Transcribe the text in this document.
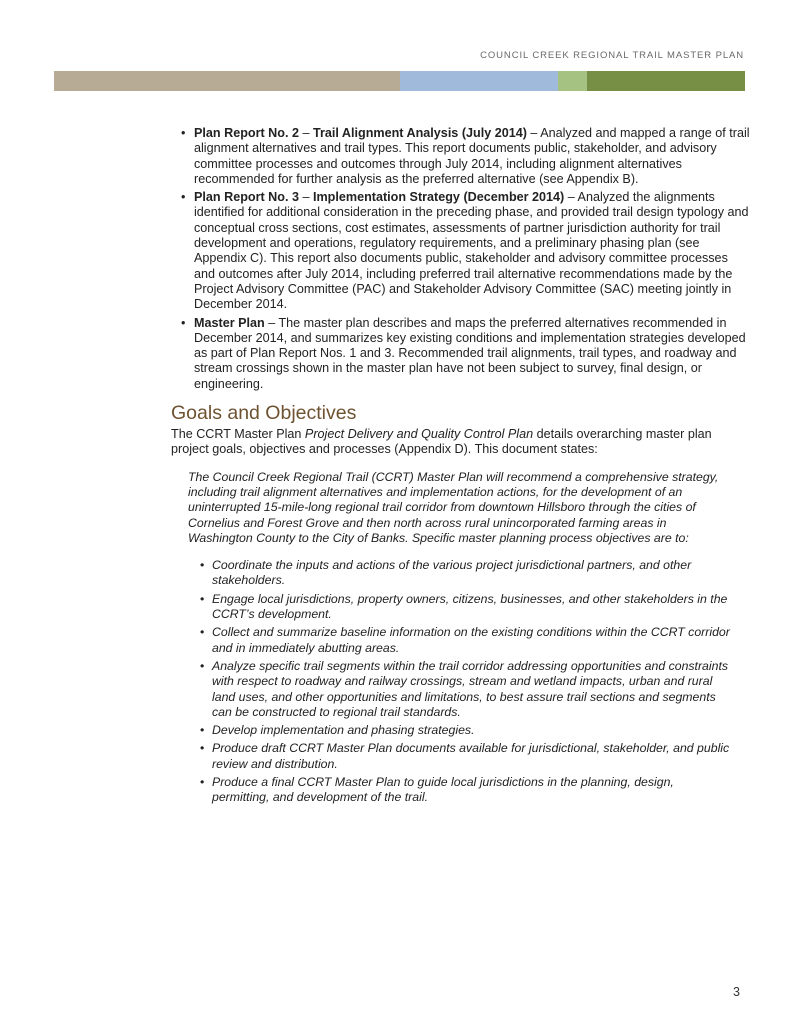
COUNCIL CREEK REGIONAL TRAIL MASTER PLAN
• Plan Report No. 2 – Trail Alignment Analysis (July 2014) – Analyzed and mapped a range of trail alignment alternatives and trail types. This report documents public, stakeholder, and advisory committee processes and outcomes through July 2014, including alignment alternatives recommended for further analysis as the preferred alternative (see Appendix B).
• Plan Report No. 3 – Implementation Strategy (December 2014) – Analyzed the alignments identified for additional consideration in the preceding phase, and provided trail design typology and conceptual cross sections, cost estimates, assessments of partner jurisdiction authority for trail development and operations, regulatory requirements, and a preliminary phasing plan (see Appendix C). This report also documents public, stakeholder and advisory committee processes and outcomes after July 2014, including preferred trail alternative recommendations made by the Project Advisory Committee (PAC) and Stakeholder Advisory Committee (SAC) meeting jointly in December 2014.
• Master Plan – The master plan describes and maps the preferred alternatives recommended in December 2014, and summarizes key existing conditions and implementation strategies developed as part of Plan Report Nos. 1 and 3. Recommended trail alignments, trail types, and roadway and stream crossings shown in the master plan have not been subject to survey, final design, or engineering.
Goals and Objectives

The CCRT Master Plan Project Delivery and Quality Control Plan details overarching master plan project goals, objectives and processes (Appendix D). This document states:

The Council Creek Regional Trail (CCRT) Master Plan will recommend a comprehensive strategy, including trail alignment alternatives and implementation actions, for the development of an uninterrupted 15-mile-long regional trail corridor from downtown Hillsboro through the cities of Cornelius and Forest Grove and then north across rural unincorporated farming areas in Washington County to the City of Banks. Specific master planning process objectives are to:

• Coordinate the inputs and actions of the various project jurisdictional partners, and other stakeholders.
• Engage local jurisdictions, property owners, citizens, businesses, and other stakeholders in the CCRT’s development.
• Collect and summarize baseline information on the existing conditions within the CCRT corridor and in immediately abutting areas.
• Analyze specific trail segments within the trail corridor addressing opportunities and constraints with respect to roadway and railway crossings, stream and wetland impacts, urban and rural land uses, and other opportunities and limitations, to best assure trail sections and segments can be constructed to regional trail standards.
• Develop implementation and phasing strategies.
• Produce draft CCRT Master Plan documents available for jurisdictional, stakeholder, and public review and distribution.
• Produce a final CCRT Master Plan to guide local jurisdictions in the planning, design, permitting, and development of the trail.
3
